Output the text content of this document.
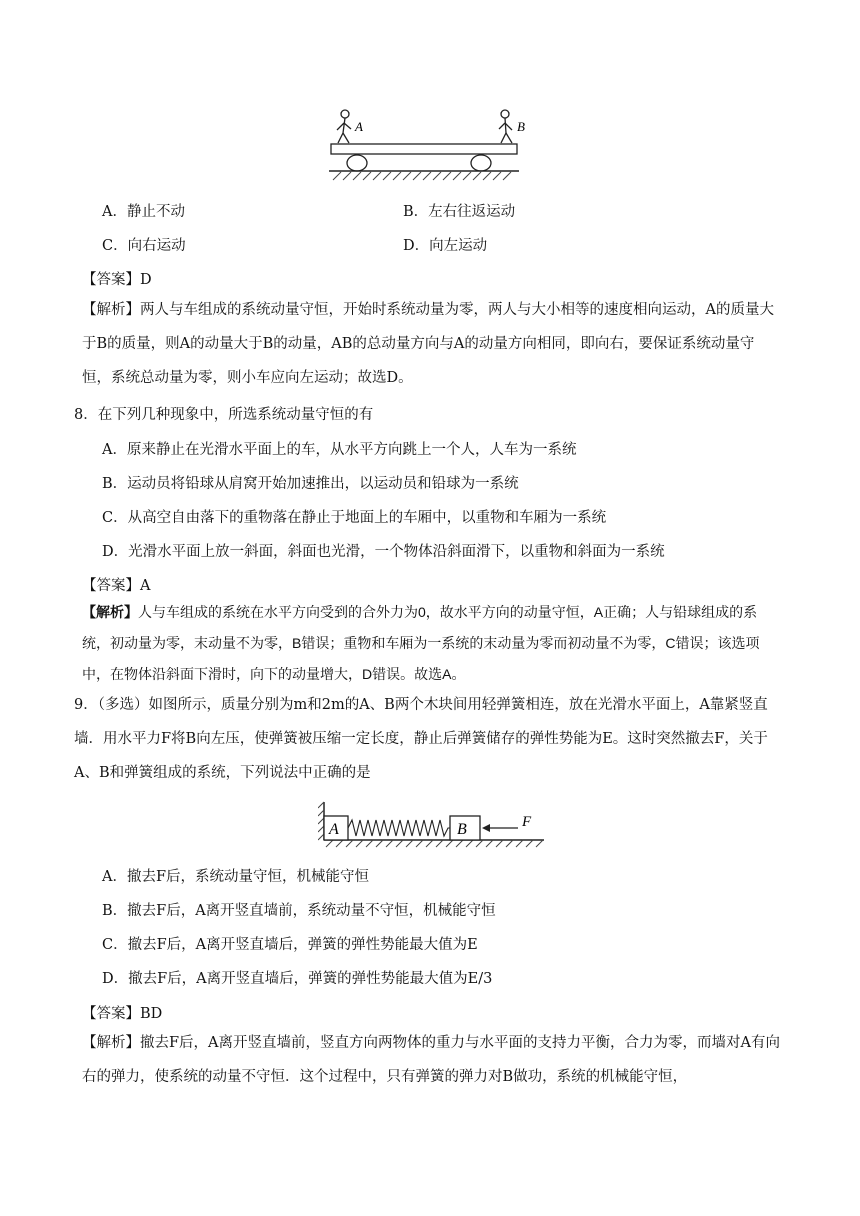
A	B
A．静止不动	B．左右往返运动
C．向右运动	D．向左运动
【答案】D
【解析】两人与车组成的系统动量守恒，开始时系统动量为零，两人与大小相等的速度相向运动，A的质量大于B的质量，则A的动量大于B的动量，AB的总动量方向与A的动量方向相同，即向右，要保证系统动量守恒，系统总动量为零，则小车应向左运动；故选D。
8．在下列几种现象中，所选系统动量守恒的有
A．原来静止在光滑水平面上的车，从水平方向跳上一个人，人车为一系统
B．运动员将铅球从肩窝开始加速推出，以运动员和铅球为一系统
C．从高空自由落下的重物落在静止于地面上的车厢中，以重物和车厢为一系统
D．光滑水平面上放一斜面，斜面也光滑，一个物体沿斜面滑下，以重物和斜面为一系统
【答案】A
【解析】人与车组成的系统在水平方向受到的合外力为0，故水平方向的动量守恒，A正确；人与铅球组成的系统，初动量为零，末动量不为零，B错误；重物和车厢为一系统的末动量为零而初动量不为零，C错误；该选项中，在物体沿斜面下滑时，向下的动量增大，D错误。故选A。
9．（多选）如图所示，质量分别为m和2m的A、B两个木块间用轻弹簧相连，放在光滑水平面上，A靠紧竖直墙．用水平力F将B向左压，使弹簧被压缩一定长度，静止后弹簧储存的弹性势能为E。这时突然撤去F，关于A、B和弹簧组成的系统，下列说法中正确的是
A	B	F
A．撤去F后，系统动量守恒，机械能守恒
B．撤去F后，A离开竖直墙前，系统动量不守恒，机械能守恒
C．撤去F后，A离开竖直墙后，弹簧的弹性势能最大值为E
D．撤去F后，A离开竖直墙后，弹簧的弹性势能最大值为E/3
【答案】BD
【解析】撤去F后，A离开竖直墙前，竖直方向两物体的重力与水平面的支持力平衡，合力为零，而墙对A有向右的弹力，使系统的动量不守恒．这个过程中，只有弹簧的弹力对B做功，系统的机械能守恒，
